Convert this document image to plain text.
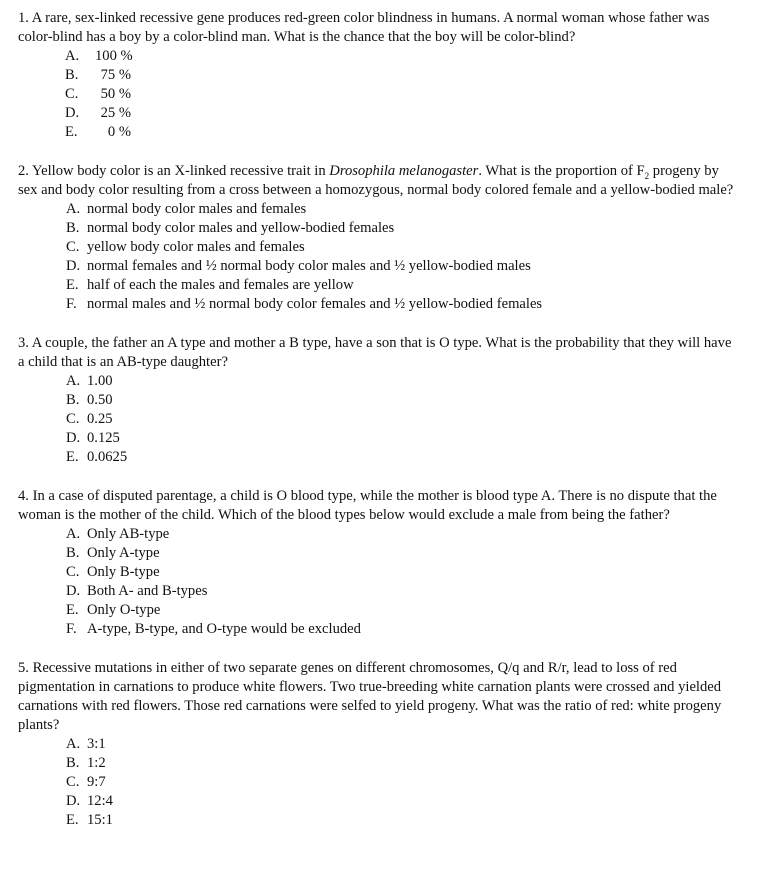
1. A rare, sex-linked recessive gene produces red-green color blindness in humans. A normal woman whose father was color-blind has a boy by a color-blind man. What is the chance that the boy will be color-blind?

A.	100 %
B.	75 %
C.	50 %
D.	25 %
E.	0 %

2. Yellow body color is an X-linked recessive trait in Drosophila melanogaster. What is the proportion of $F_2$ progeny by sex and body color resulting from a cross between a homozygous, normal body colored female and a yellow-bodied male?

A. normal body color males and females
B. normal body color males and yellow-bodied females
C. yellow body color males and females
D. normal females and ½ normal body color males and ½ yellow-bodied males
E. half of each the males and females are yellow
F. normal males and ½ normal body color females and ½ yellow-bodied females

3. A couple, the father an A type and mother a B type, have a son that is O type. What is the probability that they will have a child that is an AB-type daughter?

A. 1.00
B. 0.50
C. 0.25
D. 0.125
E. 0.0625

4. In a case of disputed parentage, a child is O blood type, while the mother is blood type A. There is no dispute that the woman is the mother of the child. Which of the blood types below would exclude a male from being the father?

A. Only AB-type
B. Only A-type
C. Only B-type
D. Both A- and B-types
E. Only O-type
F. A-type, B-type, and O-type would be excluded

5. Recessive mutations in either of two separate genes on different chromosomes, Q/q and R/r, lead to loss of red pigmentation in carnations to produce white flowers. Two true-breeding white carnation plants were crossed and yielded carnations with red flowers. Those red carnations were selfed to yield progeny. What was the ratio of red: white progeny plants?

A. 3:1
B. 1:2
C. 9:7
D. 12:4
E. 15:1
